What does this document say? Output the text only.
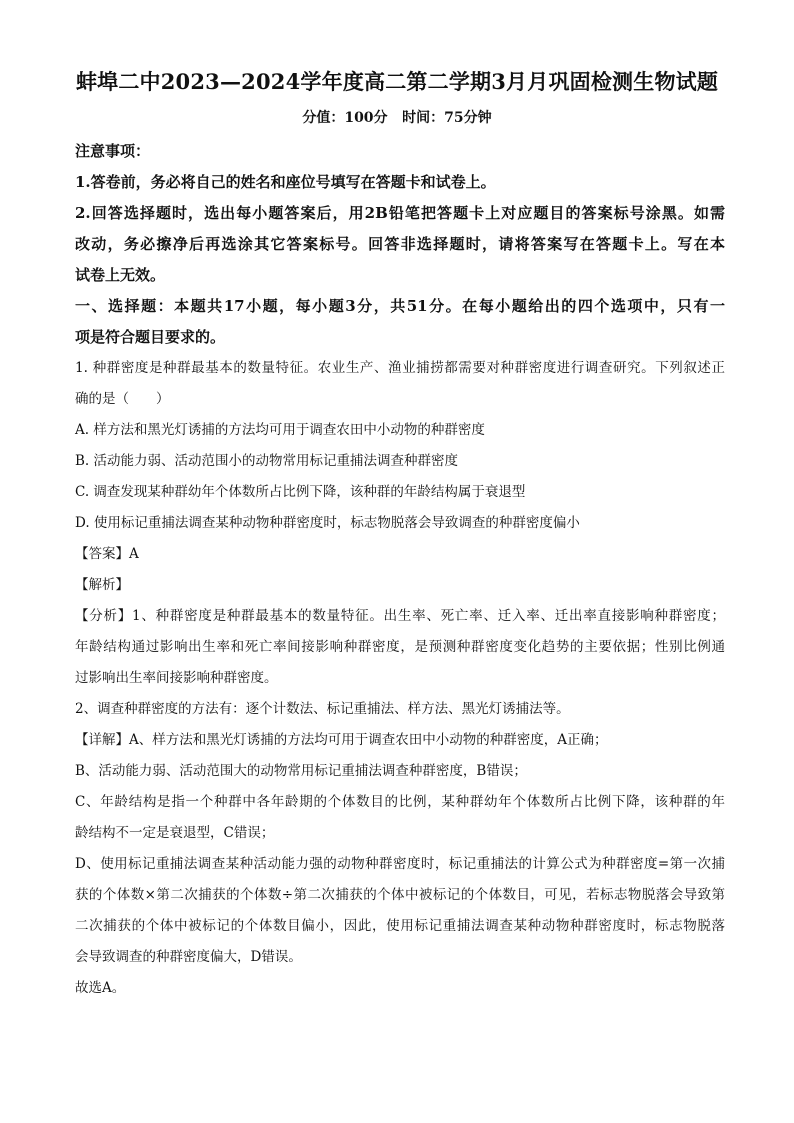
蚌埠二中2023—2024学年度高二第二学期3月月巩固检测生物试题
分值：100分   时间：75分钟

注意事项：

1.答卷前，务必将自己的姓名和座位号填写在答题卡和试卷上。

2.回答选择题时，选出每小题答案后，用2B铅笔把答题卡上对应题目的答案标号涂黑。如需

改动，务必擦净后再选涂其它答案标号。回答非选择题时，请将答案写在答题卡上。写在本

试卷上无效。

一、选择题：本题共17小题，每小题3分，共51分。在每小题给出的四个选项中，只有一

项是符合题目要求的。

1. 种群密度是种群最基本的数量特征。农业生产、渔业捕捞都需要对种群密度进行调查研究。下列叙述正

确的是（　　）

A. 样方法和黑光灯诱捕的方法均可用于调查农田中小动物的种群密度

B. 活动能力弱、活动范围小的动物常用标记重捕法调查种群密度

C. 调查发现某种群幼年个体数所占比例下降，该种群的年龄结构属于衰退型

D. 使用标记重捕法调查某种动物种群密度时，标志物脱落会导致调查的种群密度偏小

【答案】A

【解析】

【分析】1、种群密度是种群最基本的数量特征。出生率、死亡率、迁入率、迁出率直接影响种群密度；

年龄结构通过影响出生率和死亡率间接影响种群密度，是预测种群密度变化趋势的主要依据；性别比例通

过影响出生率间接影响种群密度。

2、调查种群密度的方法有：逐个计数法、标记重捕法、样方法、黑光灯诱捕法等。

【详解】A、样方法和黑光灯诱捕的方法均可用于调查农田中小动物的种群密度，A正确；

B、活动能力弱、活动范围大的动物常用标记重捕法调查种群密度，B错误；

C、年龄结构是指一个种群中各年龄期的个体数目的比例，某种群幼年个体数所占比例下降，该种群的年

龄结构不一定是衰退型，C错误；

D、使用标记重捕法调查某种活动能力强的动物种群密度时，标记重捕法的计算公式为种群密度=第一次捕

获的个体数×第二次捕获的个体数÷第二次捕获的个体中被标记的个体数目，可见，若标志物脱落会导致第

二次捕获的个体中被标记的个体数目偏小，因此，使用标记重捕法调查某种动物种群密度时，标志物脱落

会导致调查的种群密度偏大，D错误。

故选A。
